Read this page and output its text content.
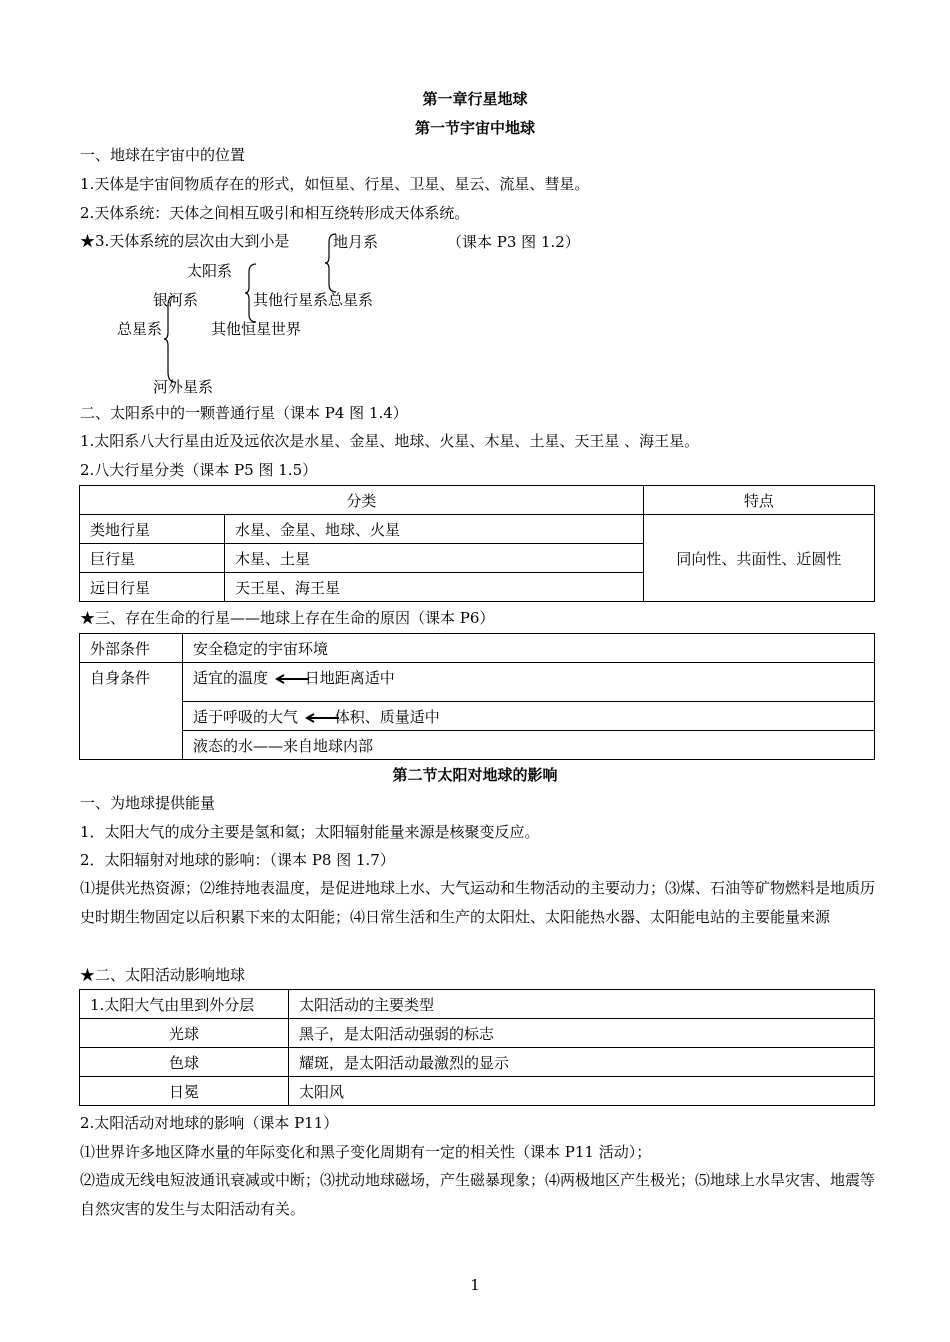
第一章行星地球
第一节宇宙中地球
一、地球在宇宙中的位置
1.天体是宇宙间物质存在的形式，如恒星、行星、卫星、星云、流星、彗星。
2.天体系统：天体之间相互吸引和相互绕转形成天体系统。
★3.天体系统的层次由大到小是	地月系	（课本 P3 图 1.2）
太阳系
银河系	其他行星系总星系
总星系	其他恒星世界
河外星系
二、太阳系中的一颗普通行星（课本 P4 图 1.4）
1.太阳系八大行星由近及远依次是水星、金星、地球、火星、木星、土星、天王星 、海王星。
2.八大行星分类（课本 P5 图 1.5）
分类		特点
类地行星	水星、金星、地球、火星	同向性、共面性、近圆性
巨行星	木星、土星	
远日行星	天王星、海王星	
★三、存在生命的行星——地球上存在生命的原因（课本 P6）
外部条件	安全稳定的宇宙环境
自身条件	适宜的温度 日地距离适中
	适于呼吸的大气 体积、质量适中
	液态的水——来自地球内部
第二节太阳对地球的影响
一、为地球提供能量
1．太阳大气的成分主要是氢和氦；太阳辐射能量来源是核聚变反应。
2．太阳辐射对地球的影响：（课本 P8 图 1.7）
⑴提供光热资源；⑵维持地表温度，是促进地球上水、大气运动和生物活动的主要动力；⑶煤、石油等矿物燃料是地质历史时期生物固定以后积累下来的太阳能；⑷日常生活和生产的太阳灶、太阳能热水器、太阳能电站的主要能量来源
★二、太阳活动影响地球
1.太阳大气由里到外分层	太阳活动的主要类型
光球	黑子，是太阳活动强弱的标志
色球	耀斑，是太阳活动最激烈的显示
日冕	太阳风
2.太阳活动对地球的影响（课本 P11）
⑴世界许多地区降水量的年际变化和黑子变化周期有一定的相关性（课本 P11 活动）；
⑵造成无线电短波通讯衰减或中断；⑶扰动地球磁场，产生磁暴现象；⑷两极地区产生极光；⑸地球上水旱灾害、地震等自然灾害的发生与太阳活动有关。
1
